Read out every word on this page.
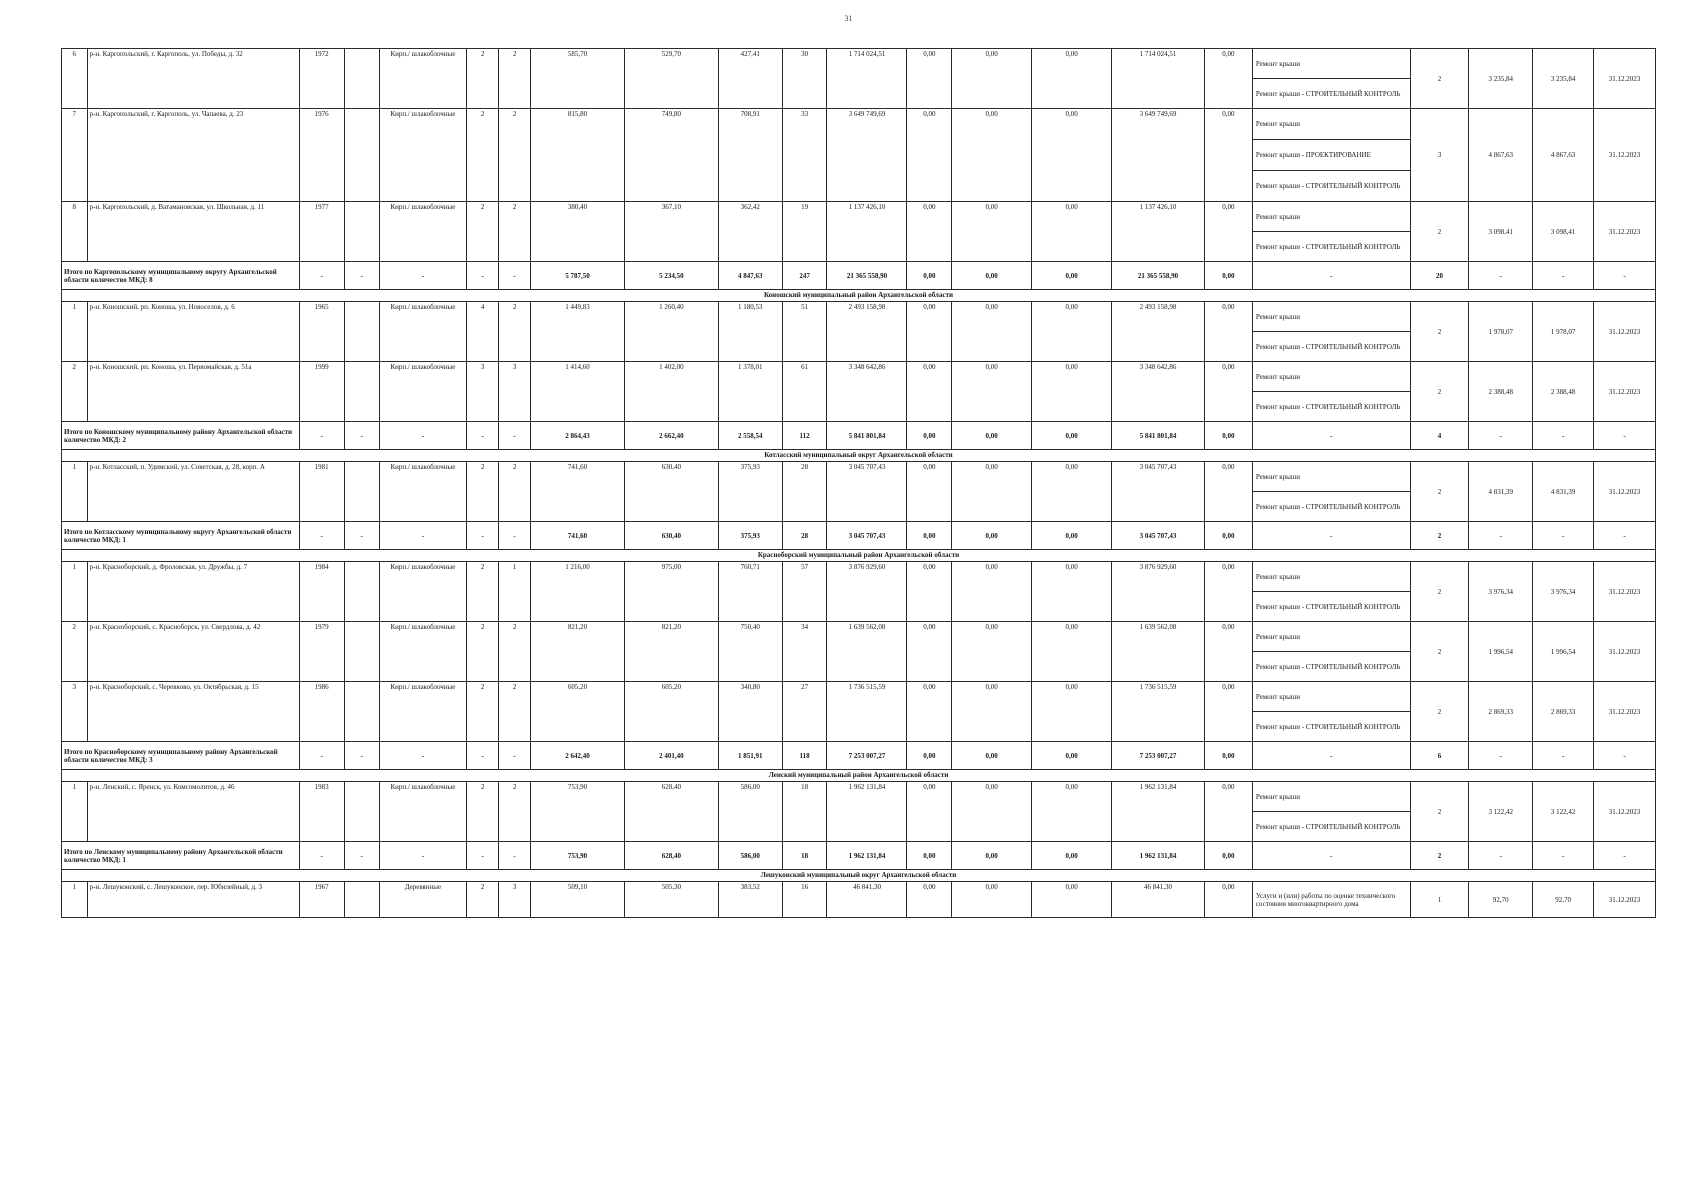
31
6	р-н. Каргопольский, г. Каргополь, ул. Победы, д. 32	1972		Кирп./ шлакоблочные	2	2	585,70	529,70	427,41	30	1 714 024,51	0,00	0,00	0,00	1 714 024,51	0,00	Ремонт крыши	2	3 235,84	3 235,84	31.12.2023
																	Ремонт крыши - СТРОИТЕЛЬНЫЙ КОНТРОЛЬ				
7	р-н. Каргопольский, г. Каргополь, ул. Чапаева, д. 23	1976		Кирп./ шлакоблочные	2	2	815,80	749,80	708,91	33	3 649 749,69	0,00	0,00	0,00	3 649 749,69	0,00	Ремонт крыши	3	4 867,63	4 867,63	31.12.2023
																	Ремонт крыши - ПРОЕКТИРОВАНИЕ				
																	Ремонт крыши - СТРОИТЕЛЬНЫЙ КОНТРОЛЬ				
8	р-н. Каргопольский, д. Ватамановская, ул. Школьная, д. 11	1977		Кирп./ шлакоблочные	2	2	380,40	367,10	362,42	19	1 137 426,10	0,00	0,00	0,00	1 137 426,10	0,00	Ремонт крыши	2	3 098,41	3 098,41	31.12.2023
																	Ремонт крыши - СТРОИТЕЛЬНЫЙ КОНТРОЛЬ				
Итого по Каргопольскому муниципальному округу Архангельской области количество МКД: 8		-	-	-	-	-	5 787,50	5 234,50	4 847,63	247	21 365 558,90	0,00	0,00	0,00	21 365 558,90	0,00	-	20	-	-	-
Коношский муниципальный район Архангельской области																					
1	р-н. Коношский, рп. Коноша, ул. Новоселов, д. 6	1965		Кирп./ шлакоблочные	4	2	1 449,83	1 260,40	1 180,53	51	2 493 158,98	0,00	0,00	0,00	2 493 158,98	0,00	Ремонт крыши	2	1 978,07	1 978,07	31.12.2023
																	Ремонт крыши - СТРОИТЕЛЬНЫЙ КОНТРОЛЬ				
2	р-н. Коношский, рп. Коноша, ул. Первомайская, д. 51а	1999		Кирп./ шлакоблочные	3	3	1 414,60	1 402,00	1 378,01	61	3 348 642,86	0,00	0,00	0,00	3 348 642,86	0,00	Ремонт крыши	2	2 388,48	2 388,48	31.12.2023
																	Ремонт крыши - СТРОИТЕЛЬНЫЙ КОНТРОЛЬ				
Итого по Коношскому муниципальному району Архангельской области количество МКД: 2		-	-	-	-	-	2 864,43	2 662,40	2 558,54	112	5 841 801,84	0,00	0,00	0,00	5 841 801,84	0,00	-	4	-	-	-
Котласский муниципальный округ Архангельской области																					
1	р-н. Котласский, п. Удимский, ул. Советская, д. 28, корп. А	1981		Кирп./ шлакоблочные	2	2	741,60	630,40	375,93	28	3 045 707,43	0,00	0,00	0,00	3 045 707,43	0,00	Ремонт крыши	2	4 831,39	4 831,39	31.12.2023
																	Ремонт крыши - СТРОИТЕЛЬНЫЙ КОНТРОЛЬ				
Итого по Котласскому муниципальному округу Архангельской области количество МКД: 1		-	-	-	-	-	741,60	630,40	375,93	28	3 045 707,43	0,00	0,00	0,00	3 045 707,43	0,00	-	2	-	-	-
Красноборский муниципальный район Архангельской области																					
1	р-н. Красноборский, д. Фроловская, ул. Дружбы, д. 7	1984		Кирп./ шлакоблочные	2	1	1 216,00	975,00	760,71	57	3 876 929,60	0,00	0,00	0,00	3 876 929,60	0,00	Ремонт крыши	2	3 976,34	3 976,34	31.12.2023
																	Ремонт крыши - СТРОИТЕЛЬНЫЙ КОНТРОЛЬ				
2	р-н. Красноборский, с. Красноборск, ул. Свердлова, д. 42	1979		Кирп./ шлакоблочные	2	2	821,20	821,20	750,40	34	1 639 562,08	0,00	0,00	0,00	1 639 562,08	0,00	Ремонт крыши	2	1 996,54	1 996,54	31.12.2023
																	Ремонт крыши - СТРОИТЕЛЬНЫЙ КОНТРОЛЬ				
3	р-н. Красноборский, с. Черевково, ул. Октябрьская, д. 15	1986		Кирп./ шлакоблочные	2	2	605,20	605,20	340,80	27	1 736 515,59	0,00	0,00	0,00	1 736 515,59	0,00	Ремонт крыши	2	2 869,33	2 869,33	31.12.2023
																	Ремонт крыши - СТРОИТЕЛЬНЫЙ КОНТРОЛЬ				
Итого по Красноборскому муниципальному району Архангельской области количество МКД: 3		-	-	-	-	-	2 642,40	2 401,40	1 851,91	118	7 253 007,27	0,00	0,00	0,00	7 253 007,27	0,00	-	6	-	-	-
Ленский муниципальный район Архангельской области																					
1	р-н. Ленский, с. Яренск, ул. Комсомолитов, д. 46	1983		Кирп./ шлакоблочные	2	2	753,90	628,40	586,00	18	1 962 131,84	0,00	0,00	0,00	1 962 131,84	0,00	Ремонт крыши	2	3 122,42	3 122,42	31.12.2023
																	Ремонт крыши - СТРОИТЕЛЬНЫЙ КОНТРОЛЬ				
Итого по Ленскому муниципальному району Архангельской области количество МКД: 1		-	-	-	-	-	753,90	628,40	586,00	18	1 962 131,84	0,00	0,00	0,00	1 962 131,84	0,00	-	2	-	-	-
Лешуконский муниципальный округ Архангельской области																					
1	р-н. Лешуконский, с. Лешуконское, пер. Юбилейный, д. 3	1967		Деревянные	2	3	509,10	505,30	383,52	16	46 841,30	0,00	0,00	0,00	46 841,30	0,00	Услуги и (или) работы по оценке технического состояния многоквартирного дома	1	92,70	92,70	31.12.2023
